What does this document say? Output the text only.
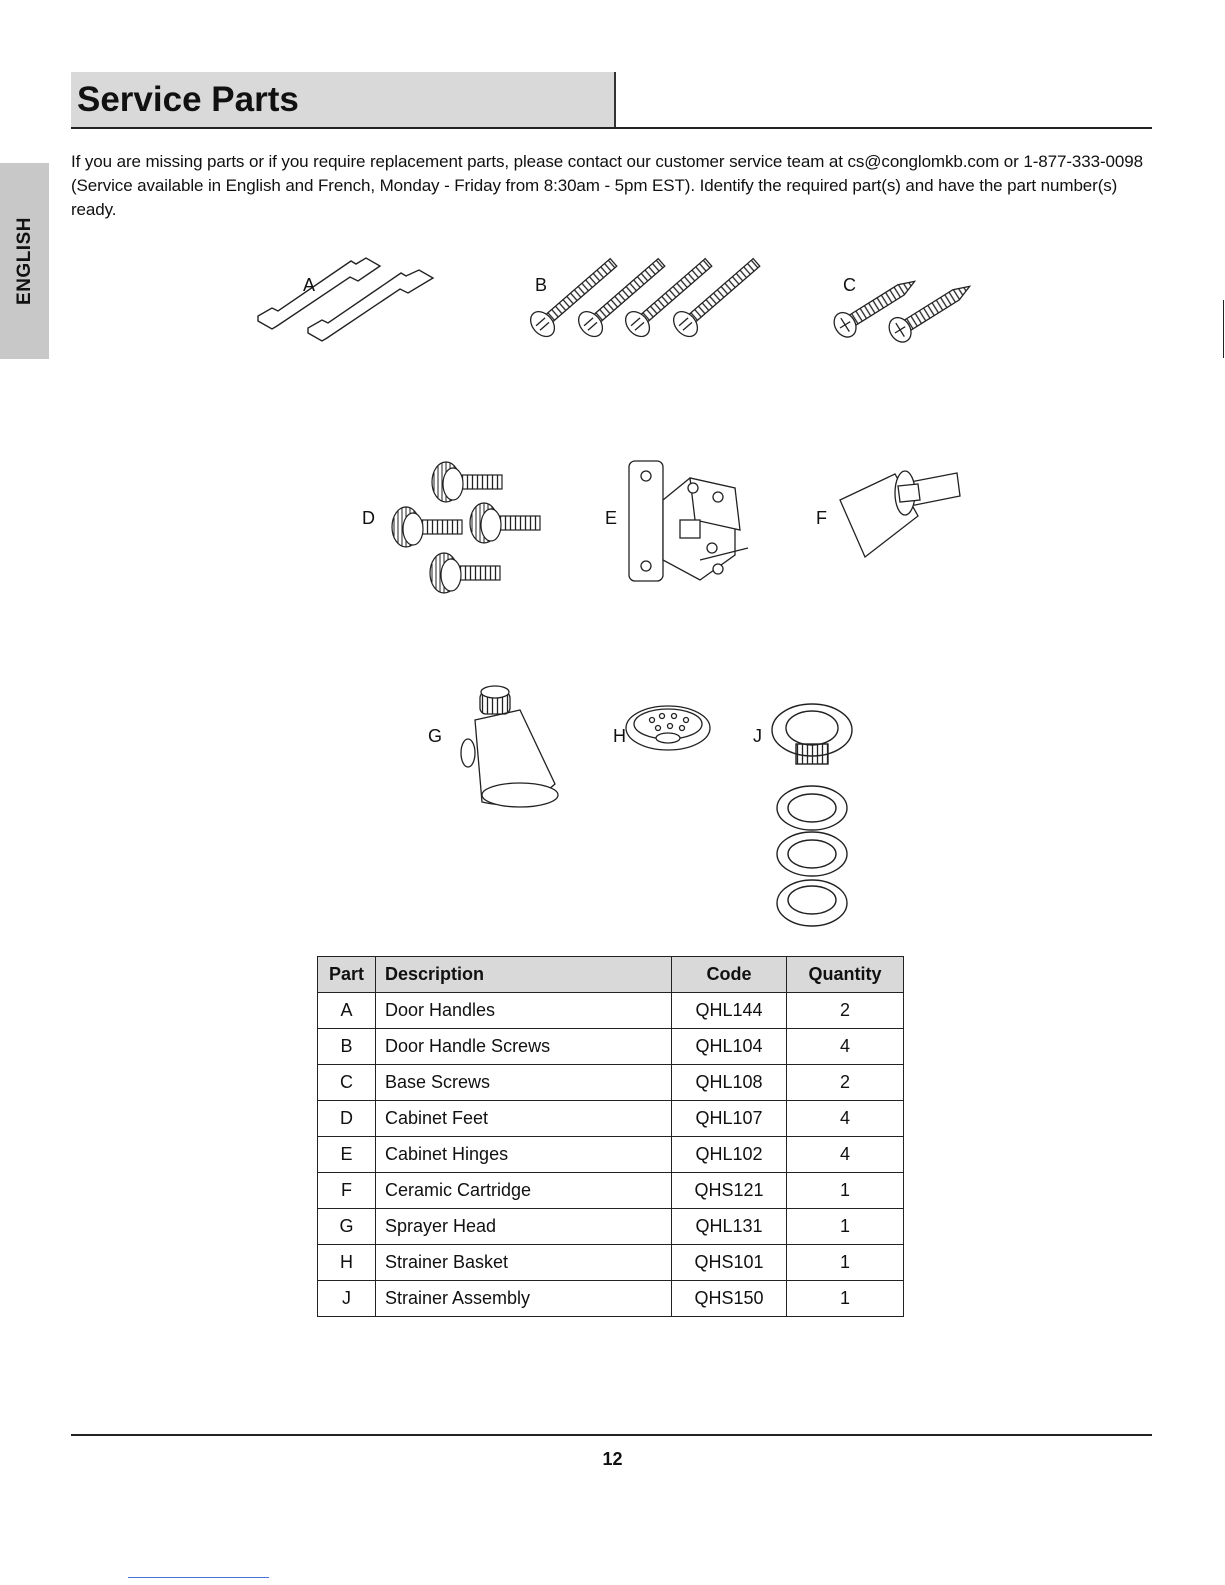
ENGLISH
Service Parts

If you are missing parts or if you require replacement parts, please contact our customer service team at cs@conglomkb.com or 1-877-333-0098

(Service available in English and French, Monday - Friday from 8:30am - 5pm EST). Identify the required part(s) and have the part number(s) ready.

A	B	C
D	E	F
G	H	J
Part	Description	Code	Quantity
A	Door Handles	QHL144	2
B	Door Handle Screws	QHL104	4
C	Base Screws	QHL108	2
D	Cabinet Feet	QHL107	4
E	Cabinet Hinges	QHL102	4
F	Ceramic Cartridge	QHS121	1
G	Sprayer Head	QHL131	1
H	Strainer Basket	QHS101	1
J	Strainer Assembly	QHS150	1
12
